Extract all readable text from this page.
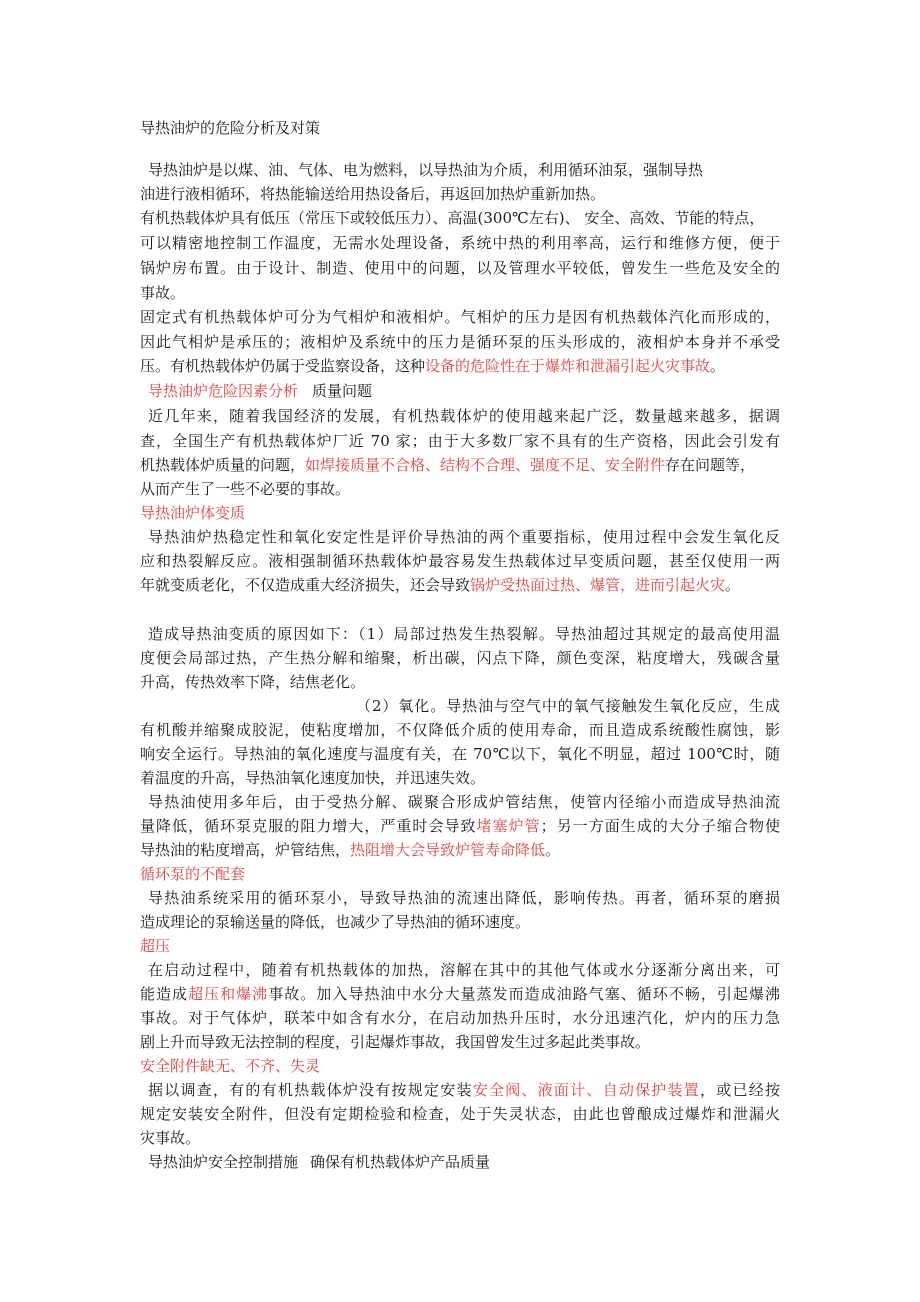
导热油炉的危险分析及对策
导热油炉是以煤、油、气体、电为燃料，以导热油为介质，利用循环油泵，强制导热
油进行液相循环，将热能输送给用热设备后，再返回加热炉重新加热。
有机热载体炉具有低压（常压下或较低压力）、高温(300℃左右)、 安全、高效、节能的特点，
可以精密地控制工作温度，无需水处理设备，系统中热的利用率高，运行和维修方便，便于
锅炉房布置。由于设计、制造、使用中的问题，以及管理水平较低，曾发生一些危及安全的
事故。
固定式有机热载体炉可分为气相炉和液相炉。气相炉的压力是因有机热载体汽化而形成的，
因此气相炉是承压的；液相炉及系统中的压力是循环泵的压头形成的，液相炉本身并不承受
压。有机热载体炉仍属于受监察设备，这种设备的危险性在于爆炸和泄漏引起火灾事故。
导热油炉危险因素分析 质量问题
近几年来，随着我国经济的发展，有机热载体炉的使用越来起广泛，数量越来越多，据调
查，全国生产有机热载体炉厂近 70 家；由于大多数厂家不具有的生产资格，因此会引发有
机热载体炉质量的问题，如焊接质量不合格、结构不合理、强度不足、安全附件存在问题等，
从而产生了一些不必要的事故。
导热油炉体变质
导热油炉热稳定性和氧化安定性是评价导热油的两个重要指标，使用过程中会发生氧化反
应和热裂解反应。液相强制循环热载体炉最容易发生热载体过早变质问题，甚至仅使用一两
年就变质老化，不仅造成重大经济损失，还会导致锅炉受热面过热、爆管，进而引起火灾。
造成导热油变质的原因如下：（1）局部过热发生热裂解。导热油超过其规定的最高使用温
度便会局部过热，产生热分解和缩聚，析出碳，闪点下降，颜色变深，粘度增大，残碳含量
升高，传热效率下降，结焦老化。
（2）氧化。导热油与空气中的氧气接触发生氧化反应，生成
有机酸并缩聚成胶泥，使粘度增加，不仅降低介质的使用寿命，而且造成系统酸性腐蚀，影
响安全运行。导热油的氧化速度与温度有关，在 70℃以下，氧化不明显，超过 100℃时，随
着温度的升高，导热油氧化速度加快，并迅速失效。
导热油使用多年后，由于受热分解、碳聚合形成炉管结焦，使管内径缩小而造成导热油流
量降低，循环泵克服的阻力增大，严重时会导致堵塞炉管；另一方面生成的大分子缩合物使
导热油的粘度增高，炉管结焦，热阻增大会导致炉管寿命降低。
循环泵的不配套
导热油系统采用的循环泵小，导致导热油的流速出降低，影响传热。再者，循环泵的磨损
造成理论的泵输送量的降低，也减少了导热油的循环速度。
超压
在启动过程中，随着有机热载体的加热，溶解在其中的其他气体或水分逐渐分离出来，可
能造成超压和爆沸事故。加入导热油中水分大量蒸发而造成油路气塞、循环不畅，引起爆沸
事故。对于气体炉，联苯中如含有水分，在启动加热升压时，水分迅速汽化，炉内的压力急
剧上升而导致无法控制的程度，引起爆炸事故，我国曾发生过多起此类事故。
安全附件缺无、不齐、失灵
据以调查，有的有机热载体炉没有按规定安装安全阀、液面计、自动保护装置，或已经按
规定安装安全附件，但没有定期检验和检查，处于失灵状态，由此也曾酿成过爆炸和泄漏火
灾事故。
导热油炉安全控制措施 确保有机热载体炉产品质量
